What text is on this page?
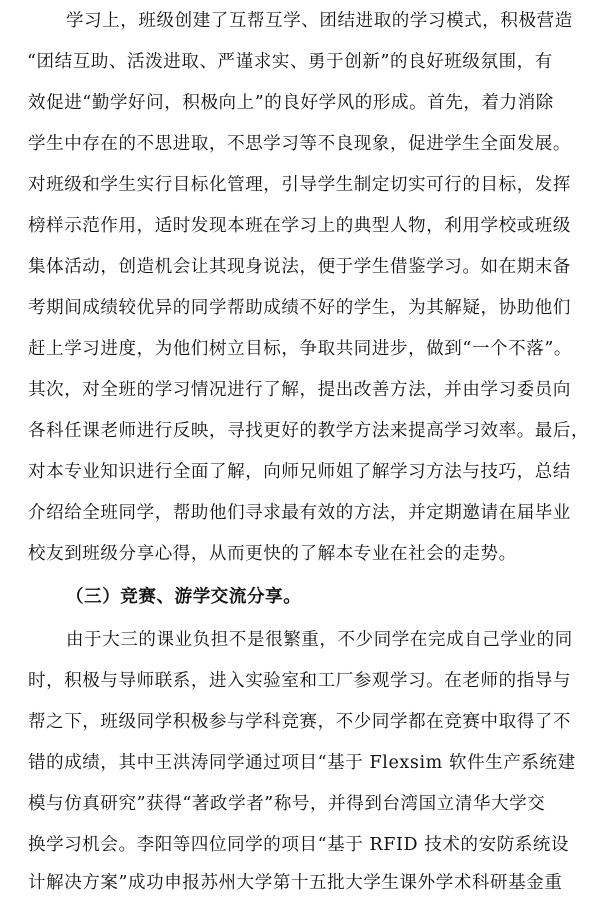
学习上，班级创建了互帮互学、团结进取的学习模式，积极营造
“团结互助、活泼进取、严谨求实、勇于创新”的良好班级氛围，有
效促进“勤学好问，积极向上”的良好学风的形成。首先，着力消除
学生中存在的不思进取，不思学习等不良现象，促进学生全面发展。
对班级和学生实行目标化管理，引导学生制定切实可行的目标，发挥
榜样示范作用，适时发现本班在学习上的典型人物，利用学校或班级
集体活动，创造机会让其现身说法，便于学生借鉴学习。如在期末备
考期间成绩较优异的同学帮助成绩不好的学生，为其解疑，协助他们
赶上学习进度，为他们树立目标，争取共同进步，做到“一个不落”。
其次，对全班的学习情况进行了解，提出改善方法，并由学习委员向
各科任课老师进行反映，寻找更好的教学方法来提高学习效率。最后，
对本专业知识进行全面了解，向师兄师姐了解学习方法与技巧，总结
介绍给全班同学，帮助他们寻求最有效的方法，并定期邀请在届毕业
校友到班级分享心得，从而更快的了解本专业在社会的走势。
（三）竞赛、游学交流分享。
由于大三的课业负担不是很繁重，不少同学在完成自己学业的同
时，积极与导师联系，进入实验室和工厂参观学习。在老师的指导与
帮之下，班级同学积极参与学科竞赛，不少同学都在竞赛中取得了不
错的成绩，其中王洪涛同学通过项目“基于 Flexsim 软件生产系统建
模与仿真研究”获得“著政学者”称号，并得到台湾国立清华大学交
换学习机会。李阳等四位同学的项目“基于 RFID 技术的安防系统设
计解决方案”成功申报苏州大学第十五批大学生课外学术科研基金重
